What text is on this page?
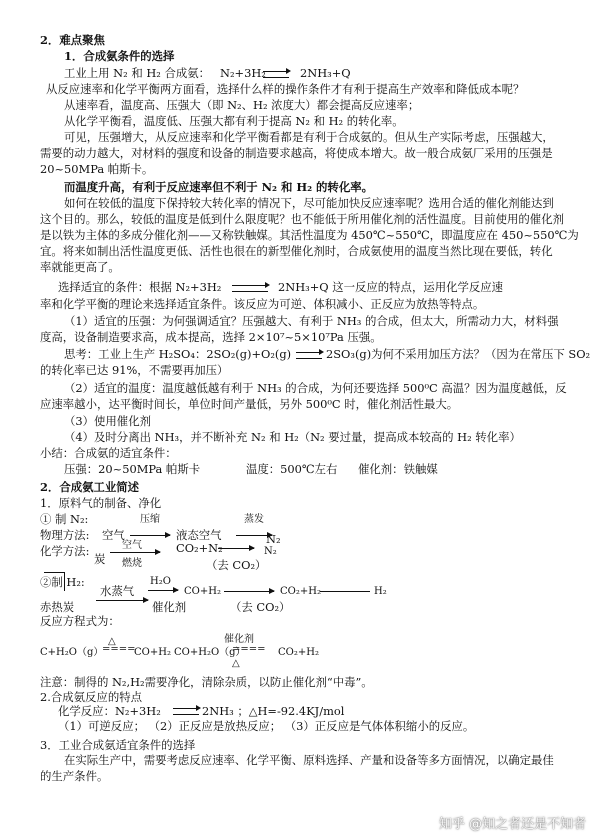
2．难点聚焦
1．合成氨条件的选择
工业上用 N₂ 和 H₂ 合成氨： N₂+3H₂ → 2NH₃+Q
从反应速率和化学平衡两方面看，选择什么样的操作条件才有利于提高生产效率和降低成本呢？
从速率看，温度高、压强大（即 N₂、H₂ 浓度大）都会提高反应速率；
从化学平衡看，温度低、压强大都有利于提高 N₂ 和 H₂ 的转化率。
可见，压强增大，从反应速率和化学平衡看都是有利于合成氨的。但从生产实际考虑，压强越大，
需要的动力越大，对材料的强度和设备的制造要求越高，将使成本增大。故一般合成氨厂采用的压强是
20~50MPa 帕斯卡。
而温度升高，有利于反应速率但不利于 N₂ 和 H₂ 的转化率。
如何在较低的温度下保持较大转化率的情况下，尽可能加快反应速率呢？选用合适的催化剂能达到
这个目的。那么，较低的温度是低到什么限度呢？也不能低于所用催化剂的活性温度。目前使用的催化剂
是以铁为主体的多成分催化剂——又称铁触媒。其活性温度为 450℃~550℃，即温度应在 450~550℃为
宜。将来如制出活性温度更低、活性也很在的新型催化剂时，合成氨使用的温度当然比现在要低，转化
率就能更高了。
选择适宜的条件：根据 N₂+3H₂ → 2NH₃+Q 这一反应的特点，运用化学反应速
率和化学平衡的理论来选择适宜条件。该反应为可逆、体积减小、正反应为放热等特点。
（1）适宜的压强：为何强调适宜？压强越大、有利于 NH₃ 的合成，但太大，所需动力大，材料强
度高，设备制造要求高，成本提高，选择 2×10⁷~5×10⁷Pa 压强。
思考：工业上生产 H₂SO₄：2SO₂(g)+O₂(g) → 2SO₃(g)为何不采用加压方法？（因为在常压下 SO₂
的转化率已达 91%，不需要再加压）
（2）适宜的温度：温度越低越有利于 NH₃ 的合成，为何还要选择 500⁰C 高温？因为温度越低，反
应速率越小，达平衡时间长，单位时间产量低，另外 500⁰C 时，催化剂活性最大。
（3）使用催化剂
（4）及时分离出 NH₃，并不断补充 N₂ 和 H₂（N₂ 要过量，提高成本较高的 H₂ 转化率）
小结：合成氨的适宜条件：
压强：20~50MPa 帕斯卡	温度：500℃左右 催化剂：铁触媒
2．合成氨工业简述
1．原料气的制备、净化
① 制 N₂:
物理方法: 空气
压缩
液态空气
蒸发
N₂
化学方法:
炭
空气
燃烧
CO₂+N₂	N₂
（去 CO₂）
②制 H₂:
赤热炭
水蒸气
H₂O
催化剂
CO+H₂	CO₂+H₂	H₂
（去 CO₂）
反应方程式为：
催化剂
C+H₂O（g）
====
△
CO+H₂ CO+H₂O（g）
====
△
CO₂+H₂
注意：制得的 N₂,H₂需要净化，清除杂质，以防止催化剂“中毒”。
2.合成氨反应的特点
化学反应：N₂+3H₂ → 2NH₃ ；△H=-92.4KJ/mol
（1）可逆反应； （2）正反应是放热反应； （3）正反应是气体体积缩小的反应。
3．工业合成氨适宜条件的选择
在实际生产中，需要考虑反应速率、化学平衡、原料选择、产量和设备等多方面情况，以确定最佳
的生产条件。
知乎 @知之者还是不知者
